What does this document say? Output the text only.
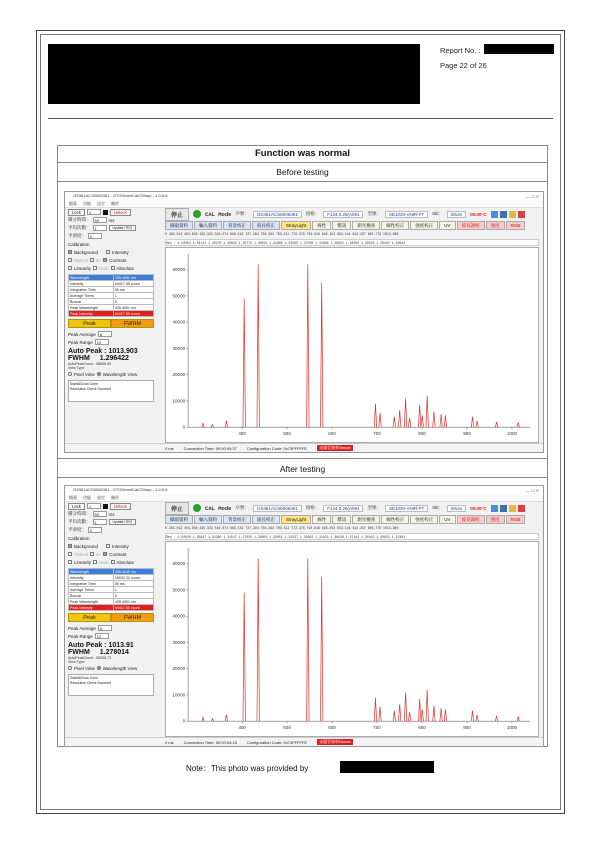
Report No. :
Page 22 of 26
Function was normal
Before testing
After testing
OS361ACS5006361 - OTOSmartCalCSharp - 1.0.5.6	— ☐ ✕
檔案 功能 設定 關於
Lock	1	Unlock
積分時間：	50	ms
平均次數：	1	Update ITEG
平滑度：	0
Calibration
Background	Intensity
Optical Irr. Contrast
Linearity Dark Absolute
Wavelength	435.4951 nm
Intensity	64417.55 count
Integration Time	50 ms
Average Times	1
Boxcar	0
Peak Wavelength	435.4951 nm
Peak Intensity	64417.55 count
Peak	FWHM
Peak Average	6
Peak Range	12
Auto Peak : 1013.903
FWHM 1.296422
AutoPeakCount : 58698.95
View Type
Pixel View Wavelength View
StartAllChan Done
Resolution Check Succeed
停止	CAL Mode 序號：	OS361ACS5006361	規格：	F134.0.25(A091	型號：	SE1020-VNIR-FT	Slit：	50um	00.00°C
擷取資料	輸入資料	背景校正	波長校正	StrayLight	線性	雜訊	測光檢查	線性校正	強度校正	UV	波長調校	強度	RGB
0 303.013 404.656 435.833 546.074 696.543 727.294 738.393 763.511 772.376 794.818 826.452 852.144 912.297 965.778 1013.980
Res : 1.50354 1.34112 1.30270 1.32842 1.25779 1.30815 1.31869 1.32590 1.27506 1.31669 1.29852 1.28259 1.29240 1.28287 1.29642
0
10000
20000
30000
40000
50000
60000
400	500	600	700	800	900	1000
0 ms	Concection Time: 00:00:04:37	Configuration Code: 0x73FFFFFE	未儲存資料Server
OS361ACS5006361 - OTOSmartCalCSharp - 1.0.5.6	— ☐ ✕
檔案 功能 設定 關於
Lock	1	Unlock
積分時間：	50	ms
平均次數：	1	Update ITEG
平滑度：	0
Calibration
Background	Intensity
Optical Irr. Contrast
Linearity Dark Absolute
Wavelength	436.4045 nm
Intensity	18032.32 count
Integration Time	50 ms
Average Times	1
Boxcar	0
Peak Wavelength	435.4951 nm
Peak Intensity	64417.55 count
Peak	FWHM
Peak Average	6
Peak Range	12
Auto Peak : 1013.91
FWHM 1.278014
AutoPeakCount : 55206.73
View Type
Pixel View Wavelength View
StartAllChan Done
Resolution Check Succeed
停止	CAL Mode 序號：	OS361ACS5006361	規格：	F134.0.25(A091	型號：	SE1020-VNIR-FT	Slit：	50um	00.00°C
擷取資料	輸入資料	背景校正	波長校正	StrayLight	線性	雜訊	測光檢查	線性校正	強度校正	UV	波長調校	強度	RGB
0 303.013 404.656 435.833 546.074 696.543 727.294 738.393 763.511 772.376 794.818 826.452 852.144 912.297 965.778 1013.980
Res : 1.50030 1.35987 1.32380 1.31547 1.27020 1.30905 1.32051 1.32537 1.29382 1.31833 1.30428 1.27191 1.30463 1.28852 1.27801
0
10000
20000
30000
40000
50000
60000
400	500	600	700	800	900	1000
0 ms	Concection Time: 00:00:04:15	Configuration Code: 0x73FFFFFE	未儲存資料Server
Note：This photo was provided by
